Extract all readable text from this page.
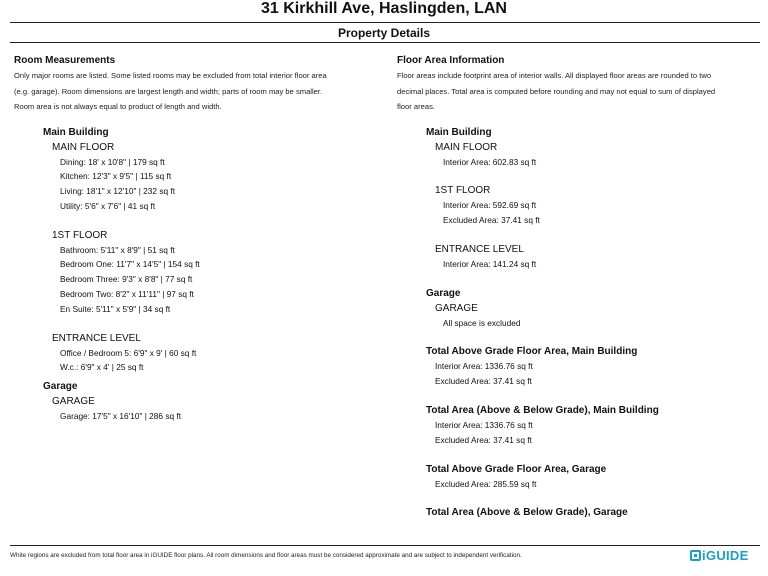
31 Kirkhill Ave, Haslingden, LAN
Property Details
Room Measurements
Only major rooms are listed. Some listed rooms may be excluded from total interior floor area
(e.g. garage). Room dimensions are largest length and width; parts of room may be smaller.
Room area is not always equal to product of length and width.
Main Building
MAIN FLOOR
Dining: 18' x 10'8" | 179 sq ft
Kitchen: 12'3" x 9'5" | 115 sq ft
Living: 18'1" x 12'10" | 232 sq ft
Utility: 5'6" x 7'6" | 41 sq ft
1ST FLOOR
Bathroom: 5'11" x 8'9" | 51 sq ft
Bedroom One: 11'7" x 14'5" | 154 sq ft
Bedroom Three: 9'3" x 8'8" | 77 sq ft
Bedroom Two: 8'2" x 11'11" | 97 sq ft
En Suite: 5'11" x 5'9" | 34 sq ft
ENTRANCE LEVEL
Office / Bedroom 5: 6'9" x 9' | 60 sq ft
W.c.: 6'9" x 4' | 25 sq ft
Garage
GARAGE
Garage: 17'5" x 16'10" | 286 sq ft
Floor Area Information
Floor areas include footprint area of interior walls. All displayed floor areas are rounded to two
decimal places. Total area is computed before rounding and may not equal to sum of displayed
floor areas.
Main Building
MAIN FLOOR
Interior Area: 602.83 sq ft
1ST FLOOR
Interior Area: 592.69 sq ft
Excluded Area: 37.41 sq ft
ENTRANCE LEVEL
Interior Area: 141.24 sq ft
Garage
GARAGE
All space is excluded
Total Above Grade Floor Area, Main Building
Interior Area: 1336.76 sq ft
Excluded Area: 37.41 sq ft
Total Area (Above & Below Grade), Main Building
Interior Area: 1336.76 sq ft
Excluded Area: 37.41 sq ft
Total Above Grade Floor Area, Garage
Excluded Area: 285.59 sq ft
Total Area (Above & Below Grade), Garage
White regions are excluded from total floor area in iGUIDE floor plans. All room dimensions and floor areas must be considered approximate and are subject to independent verification.	iGUIDE
